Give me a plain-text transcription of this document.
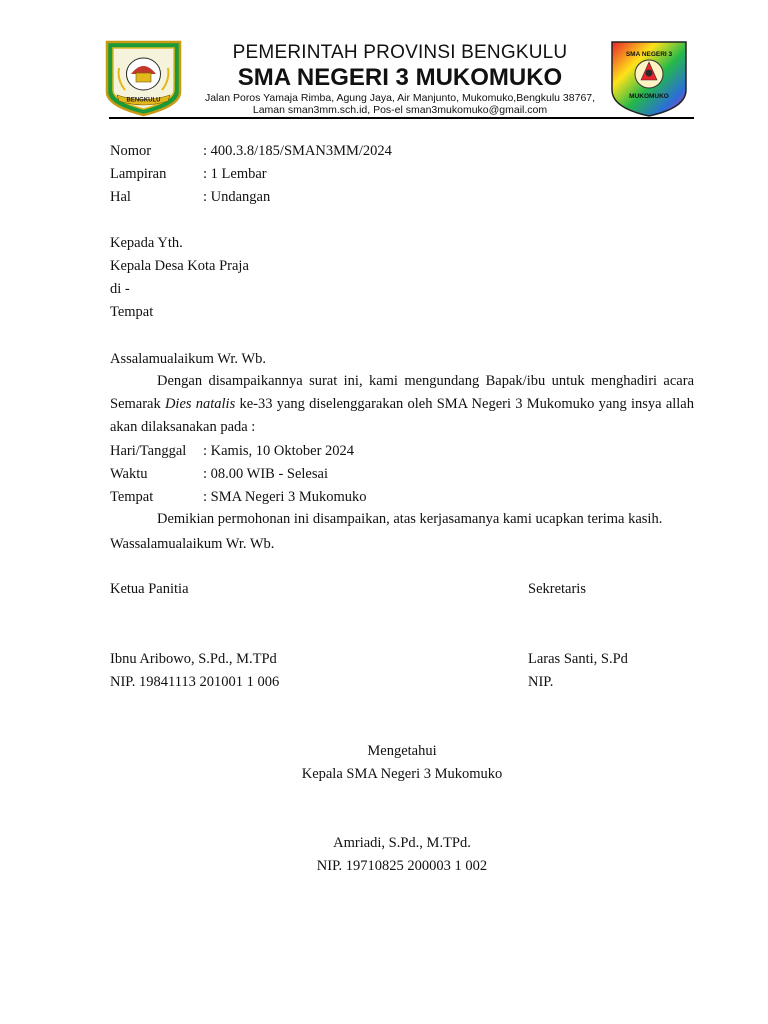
BENGKULU
PEMERINTAH PROVINSI BENGKULU
SMA NEGERI 3 MUKOMUKO
Jalan Poros Yamaja Rimba, Agung Jaya, Air Manjunto, Mukomuko,Bengkulu 38767,
Laman sman3mm.sch.id, Pos-el sman3mukomuko@gmail.com
SMA NEGERI 3
MUKOMUKO
Nomor	: 400.3.8/185/SMAN3MM/2024
Lampiran	: 1 Lembar
Hal	: Undangan
Kepada Yth.
Kepala Desa Kota Praja
di -
Tempat
Assalamualaikum Wr. Wb.
Dengan disampaikannya surat ini, kami mengundang Bapak/ibu untuk menghadiri acara Semarak Dies natalis ke-33 yang diselenggarakan oleh SMA Negeri 3 Mukomuko yang insya allah akan dilaksanakan pada :
Hari/Tanggal : Kamis, 10 Oktober 2024
Waktu	: 08.00 WIB - Selesai
Tempat	: SMA Negeri 3 Mukomuko
Demikian permohonan ini disampaikan, atas kerjasamanya kami ucapkan terima kasih.
Wassalamualaikum Wr. Wb.
Ketua Panitia	Sekretaris
Ibnu Aribowo, S.Pd., M.TPd	Laras Santi, S.Pd
NIP. 19841113 201001 1 006	NIP.
Mengetahui
Kepala SMA Negeri 3 Mukomuko
Amriadi, S.Pd., M.TPd.
NIP. 19710825 200003 1 002
